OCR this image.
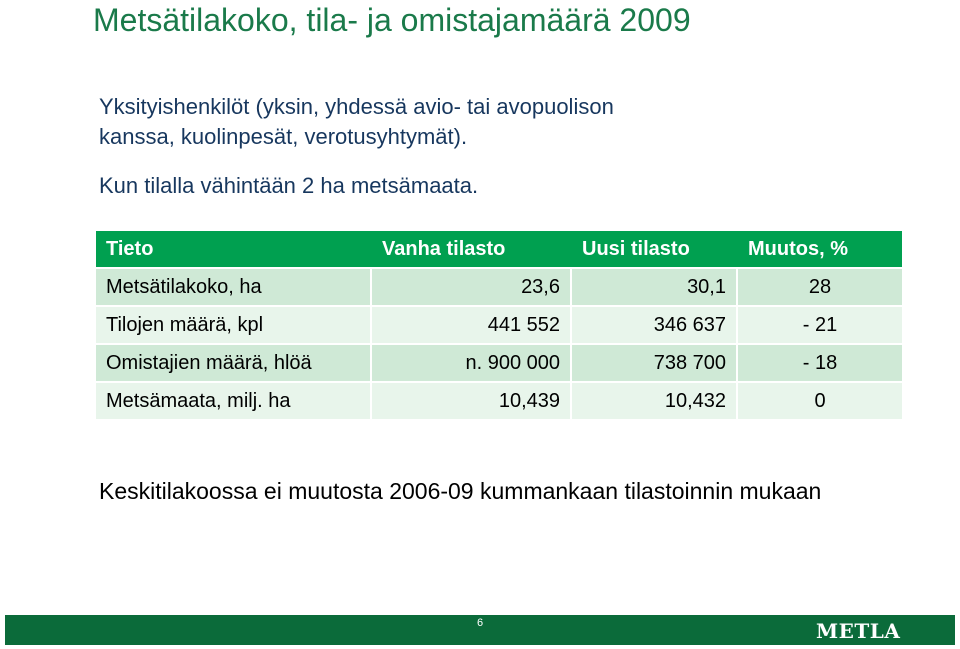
Metsätilakoko, tila- ja omistajamäärä 2009
Yksityishenkilöt (yksin, yhdessä avio- tai avopuolison
kanssa, kuolinpesät, verotusyhtymät).
Kun tilalla vähintään 2 ha metsämaata.
Tieto	Vanha tilasto	Uusi tilasto	Muutos, %
Metsätilakoko, ha	23,6	30,1	28
Tilojen määrä, kpl	441 552	346 637	- 21
Omistajien määrä, hlöä	n. 900 000	738 700	- 18
Metsämaata, milj. ha	10,439	10,432	0
Keskitilakoossa ei muutosta 2006-09 kummankaan tilastoinnin mukaan
6	METLA
